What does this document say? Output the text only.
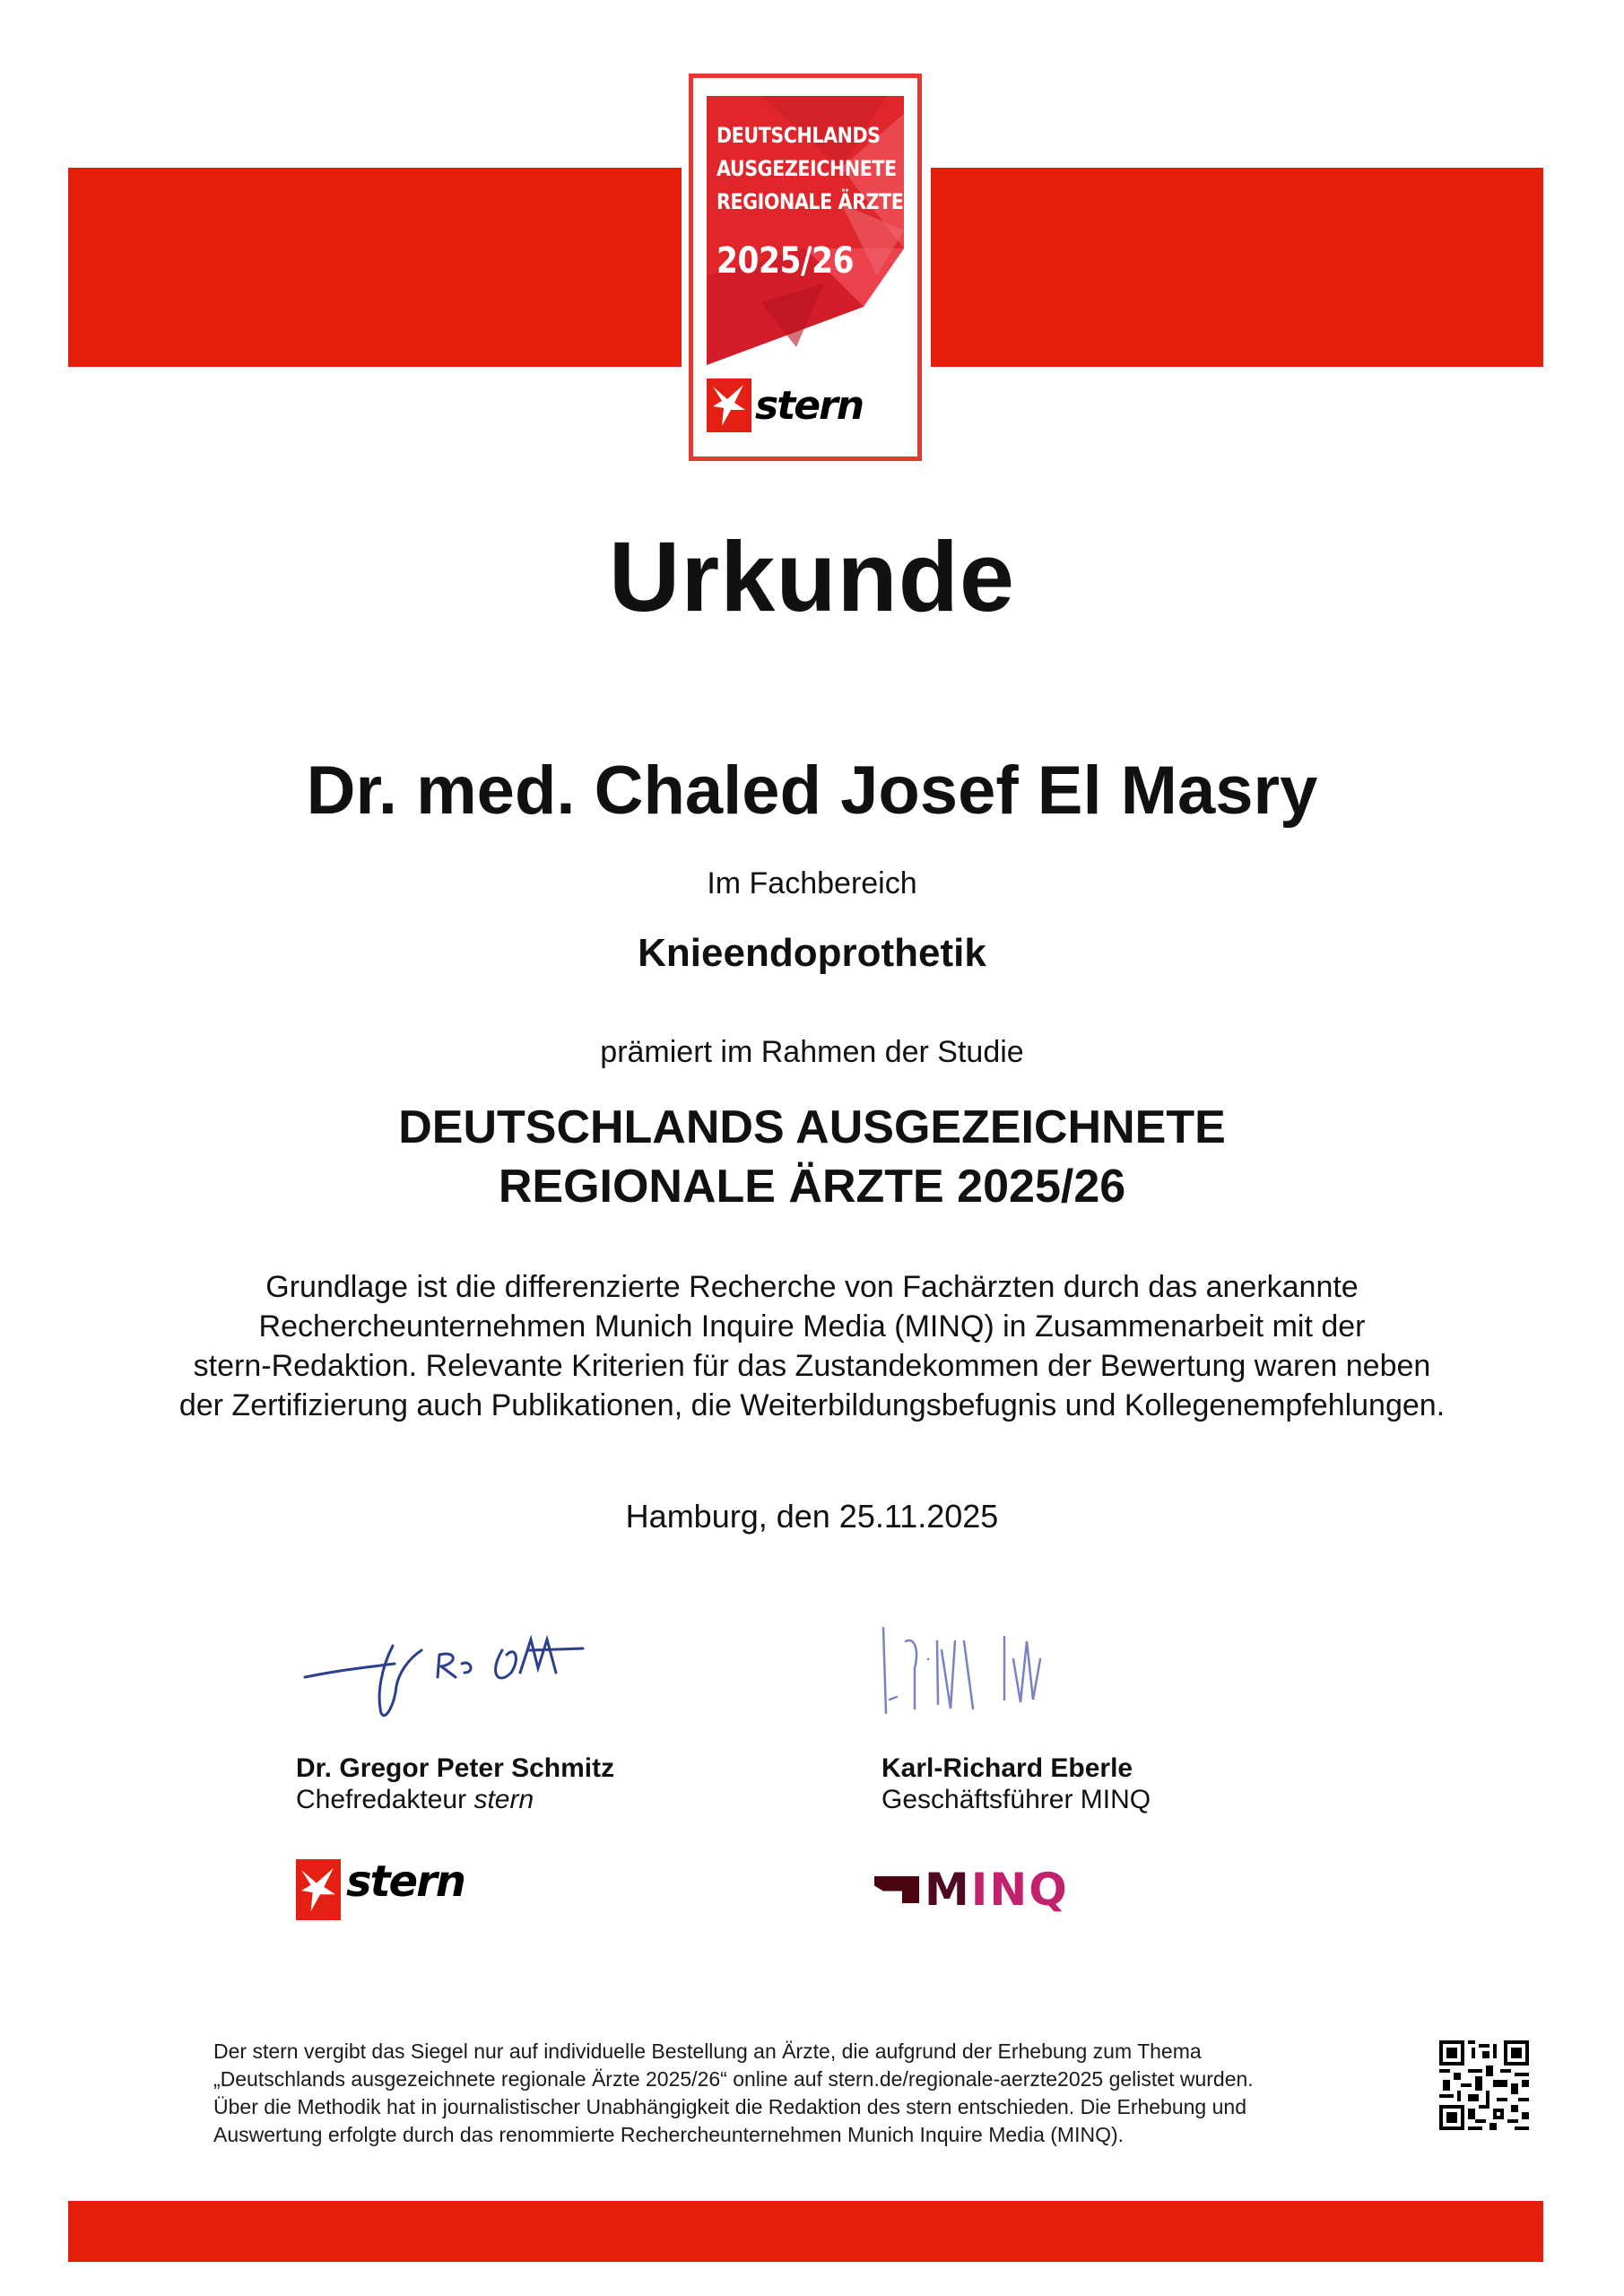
DEUTSCHLANDS
AUSGEZEICHNETE
REGIONALE ÄRZTE
2025/26
stern
Urkunde
Dr. med. Chaled Josef El Masry
Im Fachbereich
Knieendoprothetik
prämiert im Rahmen der Studie
DEUTSCHLANDS AUSGEZEICHNETE
REGIONALE ÄRZTE 2025/26
Grundlage ist die differenzierte Recherche von Fachärzten durch das anerkannte
Rechercheunternehmen Munich Inquire Media (MINQ) in Zusammenarbeit mit der
stern-Redaktion. Relevante Kriterien für das Zustandekommen der Bewertung waren neben
der Zertifizierung auch Publikationen, die Weiterbildungsbefugnis und Kollegenempfehlungen.
Hamburg, den 25.11.2025
Dr. Gregor Peter Schmitz
Chefredakteur stern
Karl-Richard Eberle
Geschäftsführer MINQ
stern	M INQ
Der stern vergibt das Siegel nur auf individuelle Bestellung an Ärzte, die aufgrund der Erhebung zum Thema
„Deutschlands ausgezeichnete regionale Ärzte 2025/26“ online auf stern.de/regionale-aerzte2025 gelistet wurden.
Über die Methodik hat in journalistischer Unabhängigkeit die Redaktion des stern entschieden. Die Erhebung und
Auswertung erfolgte durch das renommierte Rechercheunternehmen Munich Inquire Media (MINQ).
